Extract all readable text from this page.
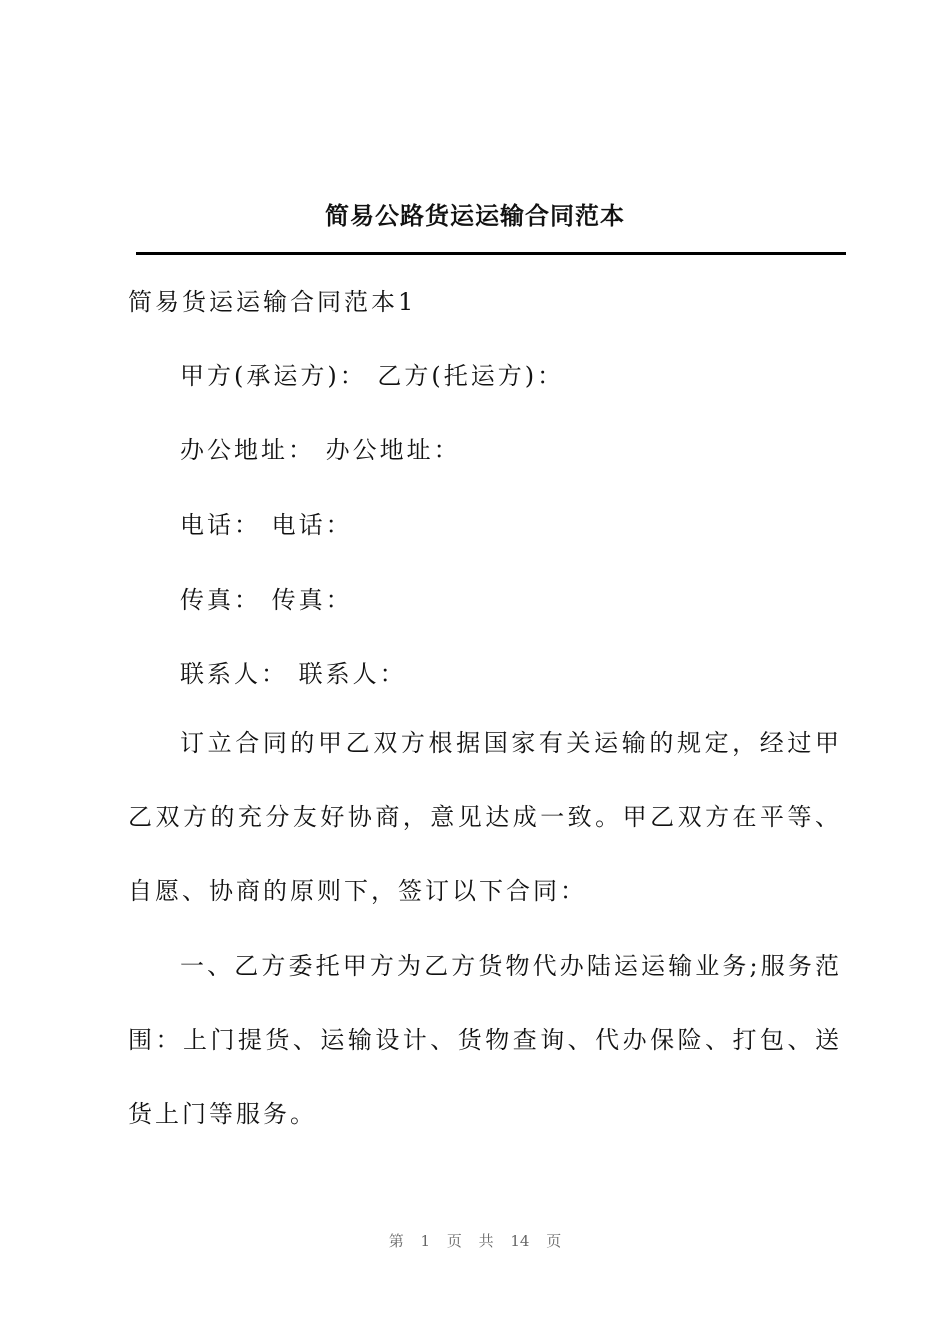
简易公路货运运输合同范本
简易货运运输合同范本1
甲方(承运方)： 乙方(托运方)：
办公地址： 办公地址：
电话： 电话：
传真： 传真：
联系人： 联系人：
订立合同的甲乙双方根据国家有关运输的规定，经过甲乙双方的充分友好协商，意见达成一致。甲乙双方在平等、自愿、协商的原则下，签订以下合同：
一、乙方委托甲方为乙方货物代办陆运运输业务;服务范围：上门提货、运输设计、货物查询、代办保险、打包、送货上门等服务。
第 1 页 共 14 页
